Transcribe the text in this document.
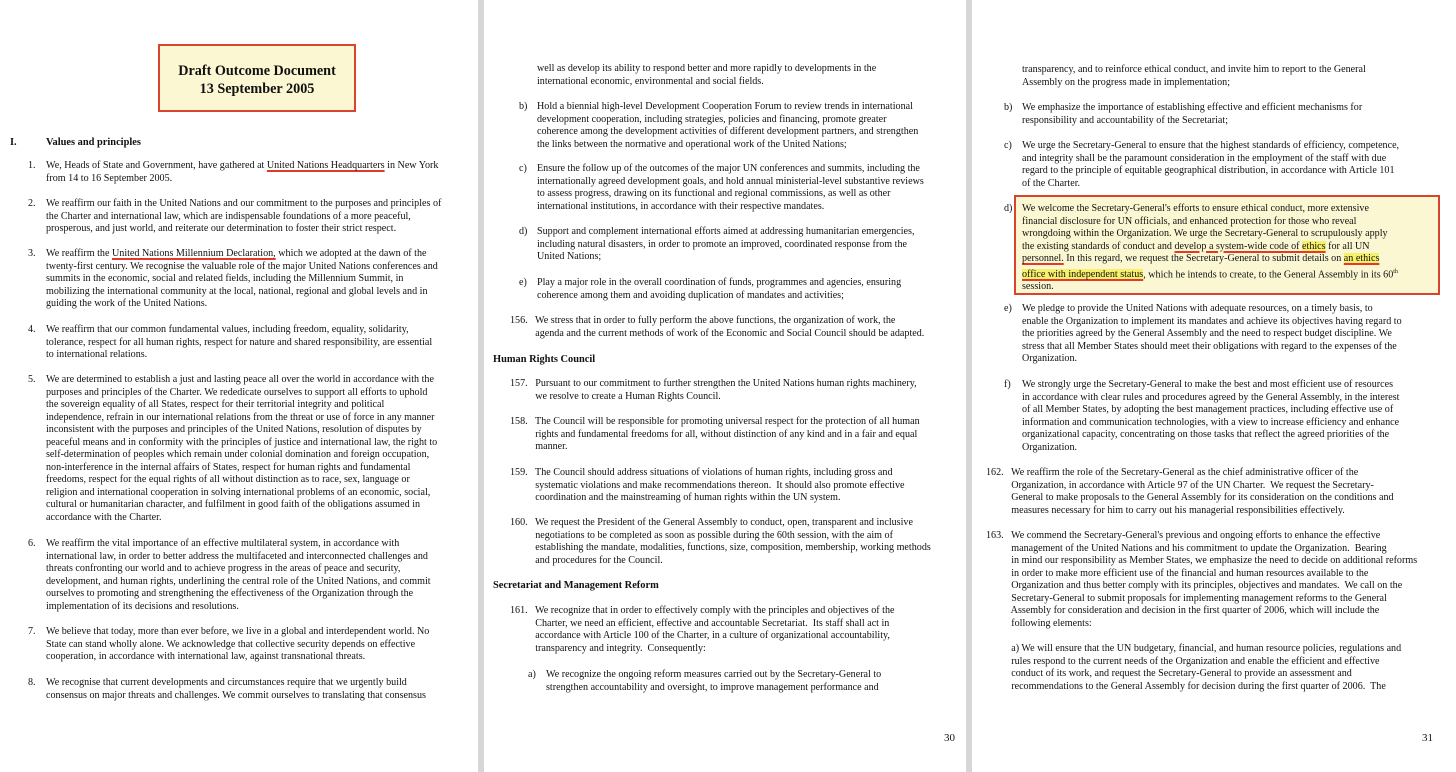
Draft Outcome Document
13 September 2005
I.	Values and principles
1. We, Heads of State and Government, have gathered at United Nations Headquarters in New York
from 14 to 16 September 2005.
2. We reaffirm our faith in the United Nations and our commitment to the purposes and principles of
the Charter and international law, which are indispensable foundations of a more peaceful,
prosperous, and just world, and reiterate our determination to foster their strict respect.
3. We reaffirm the United Nations Millennium Declaration, which we adopted at the dawn of the
twenty-first century. We recognise the valuable role of the major United Nations conferences and
summits in the economic, social and related fields, including the Millennium Summit, in
mobilizing the international community at the local, national, regional and global levels and in
guiding the work of the United Nations.
4. We reaffirm that our common fundamental values, including freedom, equality, solidarity,
tolerance, respect for all human rights, respect for nature and shared responsibility, are essential
to international relations.
5. We are determined to establish a just and lasting peace all over the world in accordance with the
purposes and principles of the Charter. We rededicate ourselves to support all efforts to uphold
the sovereign equality of all States, respect for their territorial integrity and political
independence, refrain in our international relations from the threat or use of force in any manner
inconsistent with the purposes and principles of the United Nations, resolution of disputes by
peaceful means and in conformity with the principles of justice and international law, the right to
self-determination of peoples which remain under colonial domination and foreign occupation,
non-interference in the internal affairs of States, respect for human rights and fundamental
freedoms, respect for the equal rights of all without distinction as to race, sex, language or
religion and international cooperation in solving international problems of an economic, social,
cultural or humanitarian character, and fulfilment in good faith of the obligations assumed in
accordance with the Charter.
6. We reaffirm the vital importance of an effective multilateral system, in accordance with
international law, in order to better address the multifaceted and interconnected challenges and
threats confronting our world and to achieve progress in the areas of peace and security,
development, and human rights, underlining the central role of the United Nations, and commit
ourselves to promoting and strengthening the effectiveness of the Organization through the
implementation of its decisions and resolutions.
7. We believe that today, more than ever before, we live in a global and interdependent world. No
State can stand wholly alone. We acknowledge that collective security depends on effective
cooperation, in accordance with international law, against transnational threats.
8. We recognise that current developments and circumstances require that we urgently build
consensus on major threats and challenges. We commit ourselves to translating that consensus
well as develop its ability to respond better and more rapidly to developments in the
international economic, environmental and social fields.
b) Hold a biennial high-level Development Cooperation Forum to review trends in international
development cooperation, including strategies, policies and financing, promote greater
coherence among the development activities of different development partners, and strengthen
the links between the normative and operational work of the United Nations;
c) Ensure the follow up of the outcomes of the major UN conferences and summits, including the
internationally agreed development goals, and hold annual ministerial-level substantive reviews
to assess progress, drawing on its functional and regional commissions, as well as other
international institutions, in accordance with their respective mandates.
d) Support and complement international efforts aimed at addressing humanitarian emergencies,
including natural disasters, in order to promote an improved, coordinated response from the
United Nations;
e) Play a major role in the overall coordination of funds, programmes and agencies, ensuring
coherence among them and avoiding duplication of mandates and activities;
156.   We stress that in order to fully perform the above functions, the organization of work, the
agenda and the current methods of work of the Economic and Social Council should be adapted.
Human Rights Council
157.   Pursuant to our commitment to further strengthen the United Nations human rights machinery,
we resolve to create a Human Rights Council.
158.   The Council will be responsible for promoting universal respect for the protection of all human
rights and fundamental freedoms for all, without distinction of any kind and in a fair and equal
manner.
159.   The Council should address situations of violations of human rights, including gross and
systematic violations and make recommendations thereon.  It should also promote effective
coordination and the mainstreaming of human rights within the UN system.
160.   We request the President of the General Assembly to conduct, open, transparent and inclusive
negotiations to be completed as soon as possible during the 60th session, with the aim of
establishing the mandate, modalities, functions, size, composition, membership, working methods
and procedures for the Council.
Secretariat and Management Reform
161.   We recognize that in order to effectively comply with the principles and objectives of the
Charter, we need an efficient, effective and accountable Secretariat.  Its staff shall act in
accordance with Article 100 of the Charter, in a culture of organizational accountability,
transparency and integrity.  Consequently:
a) We recognize the ongoing reform measures carried out by the Secretary-General to
strengthen accountability and oversight, to improve management performance and
30
transparency, and to reinforce ethical conduct, and invite him to report to the General
Assembly on the progress made in implementation;
b) We emphasize the importance of establishing effective and efficient mechanisms for
responsibility and accountability of the Secretariat;
c) We urge the Secretary-General to ensure that the highest standards of efficiency, competence,
and integrity shall be the paramount consideration in the employment of the staff with due
regard to the principle of equitable geographical distribution, in accordance with Article 101
of the Charter.
d)
We pledge to provide the United Nations with adequate resources, on a timely basis, to
enable the Organization to implement its mandates and achieve its objectives having regard to
the priorities agreed by the General Assembly and the need to respect budget discipline. We
stress that all Member States should meet their obligations with regard to the expenses of the
Organization.
e)
f) We strongly urge the Secretary-General to make the best and most efficient use of resources
in accordance with clear rules and procedures agreed by the General Assembly, in the interest
of all Member States, by adopting the best management practices, including effective use of
information and communication technologies, with a view to increase efficiency and enhance
organizational capacity, concentrating on those tasks that reflect the agreed priorities of the
Organization.
162.   We reaffirm the role of the Secretary-General as the chief administrative officer of the
Organization, in accordance with Article 97 of the UN Charter.  We request the Secretary-
General to make proposals to the General Assembly for its consideration on the conditions and
measures necessary for him to carry out his managerial responsibilities effectively.
163.   We commend the Secretary-General's previous and ongoing efforts to enhance the effective
management of the United Nations and his commitment to update the Organization.  Bearing
in mind our responsibility as Member States, we emphasize the need to decide on additional reforms
in order to make more efficient use of the financial and human resources available to the
Organization and thus better comply with its principles, objectives and mandates.  We call on the
Secretary-General to submit proposals for implementing management reforms to the General
Assembly for consideration and decision in the first quarter of 2006, which will include the
following elements:
a) We will ensure that the UN budgetary, financial, and human resource policies, regulations and
rules respond to the current needs of the Organization and enable the efficient and effective
conduct of its work, and request the Secretary-General to provide an assessment and
recommendations to the General Assembly for decision during the first quarter of 2006.  The
31
We welcome the Secretary-General's efforts to ensure ethical conduct, more extensive
financial disclosure for UN officials, and enhanced protection for those who reveal
wrongdoing within the Organization. We urge the Secretary-General to scrupulously apply
the existing standards of conduct and develop a system-wide code of ethics for all UN
personnel. In this regard, we request the Secretary-General to submit details on an ethics
office with independent status, which he intends to create, to the General Assembly in its 60th
session.
